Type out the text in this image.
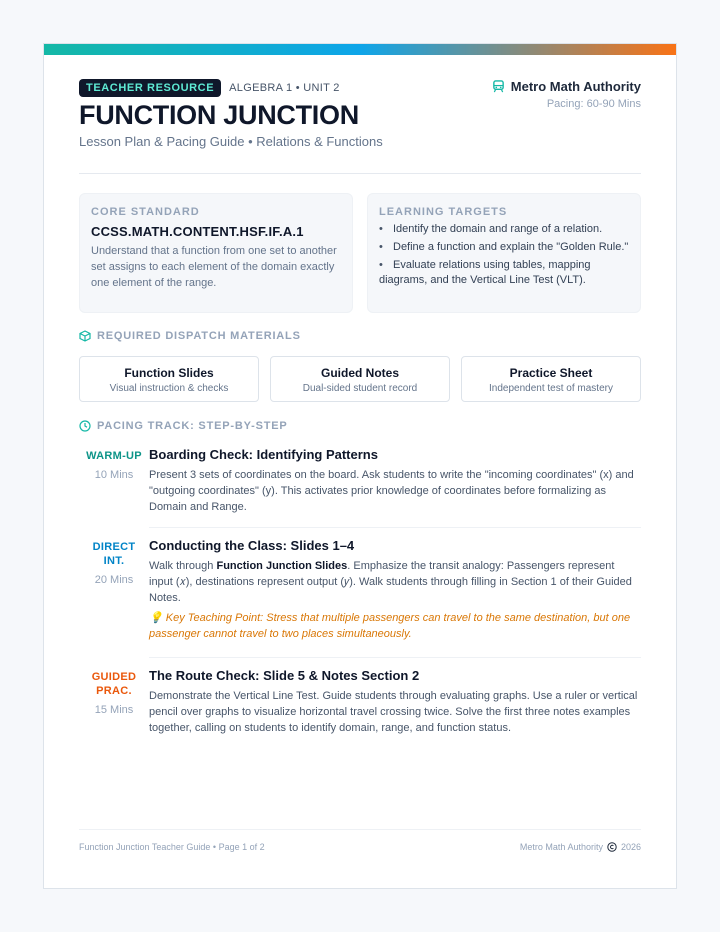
TEACHER RESOURCE	ALGEBRA 1 • UNIT 2
FUNCTION JUNCTION
Lesson Plan & Pacing Guide • Relations & Functions
Metro Math Authority
Pacing: 60-90 Mins
CORE STANDARD
CCSS.MATH.CONTENT.HSF.IF.A.1
Understand that a function from one set to another set assigns to each element of the domain exactly one element of the range.
LEARNING TARGETS
• Identify the domain and range of a relation.
• Define a function and explain the "Golden Rule."
• Evaluate relations using tables, mapping diagrams, and the Vertical Line Test (VLT).
REQUIRED DISPATCH MATERIALS
Function Slides
Visual instruction & checks
Guided Notes
Dual-sided student record
Practice Sheet
Independent test of mastery
PACING TRACK: STEP-BY-STEP
WARM-UP
10 Mins
Boarding Check: Identifying Patterns
Present 3 sets of coordinates on the board. Ask students to write the "incoming coordinates" (x) and "outgoing coordinates" (y). This activates prior knowledge of coordinates before formalizing as Domain and Range.
DIRECT
INT.
20 Mins
Conducting the Class: Slides 1–4
Walk through Function Junction Slides. Emphasize the transit analogy: Passengers represent input (𝑥), destinations represent output (𝑦). Walk students through filling in Section 1 of their Guided Notes.
💡 Key Teaching Point: Stress that multiple passengers can travel to the same destination, but one passenger cannot travel to two places simultaneously.
GUIDED
PRAC.
15 Mins
The Route Check: Slide 5 & Notes Section 2
Demonstrate the Vertical Line Test. Guide students through evaluating graphs. Use a ruler or vertical pencil over graphs to visualize horizontal travel crossing twice. Solve the first three notes examples together, calling on students to identify domain, range, and function status.
Function Junction Teacher Guide • Page 1 of 2	Metro Math Authority 2026
